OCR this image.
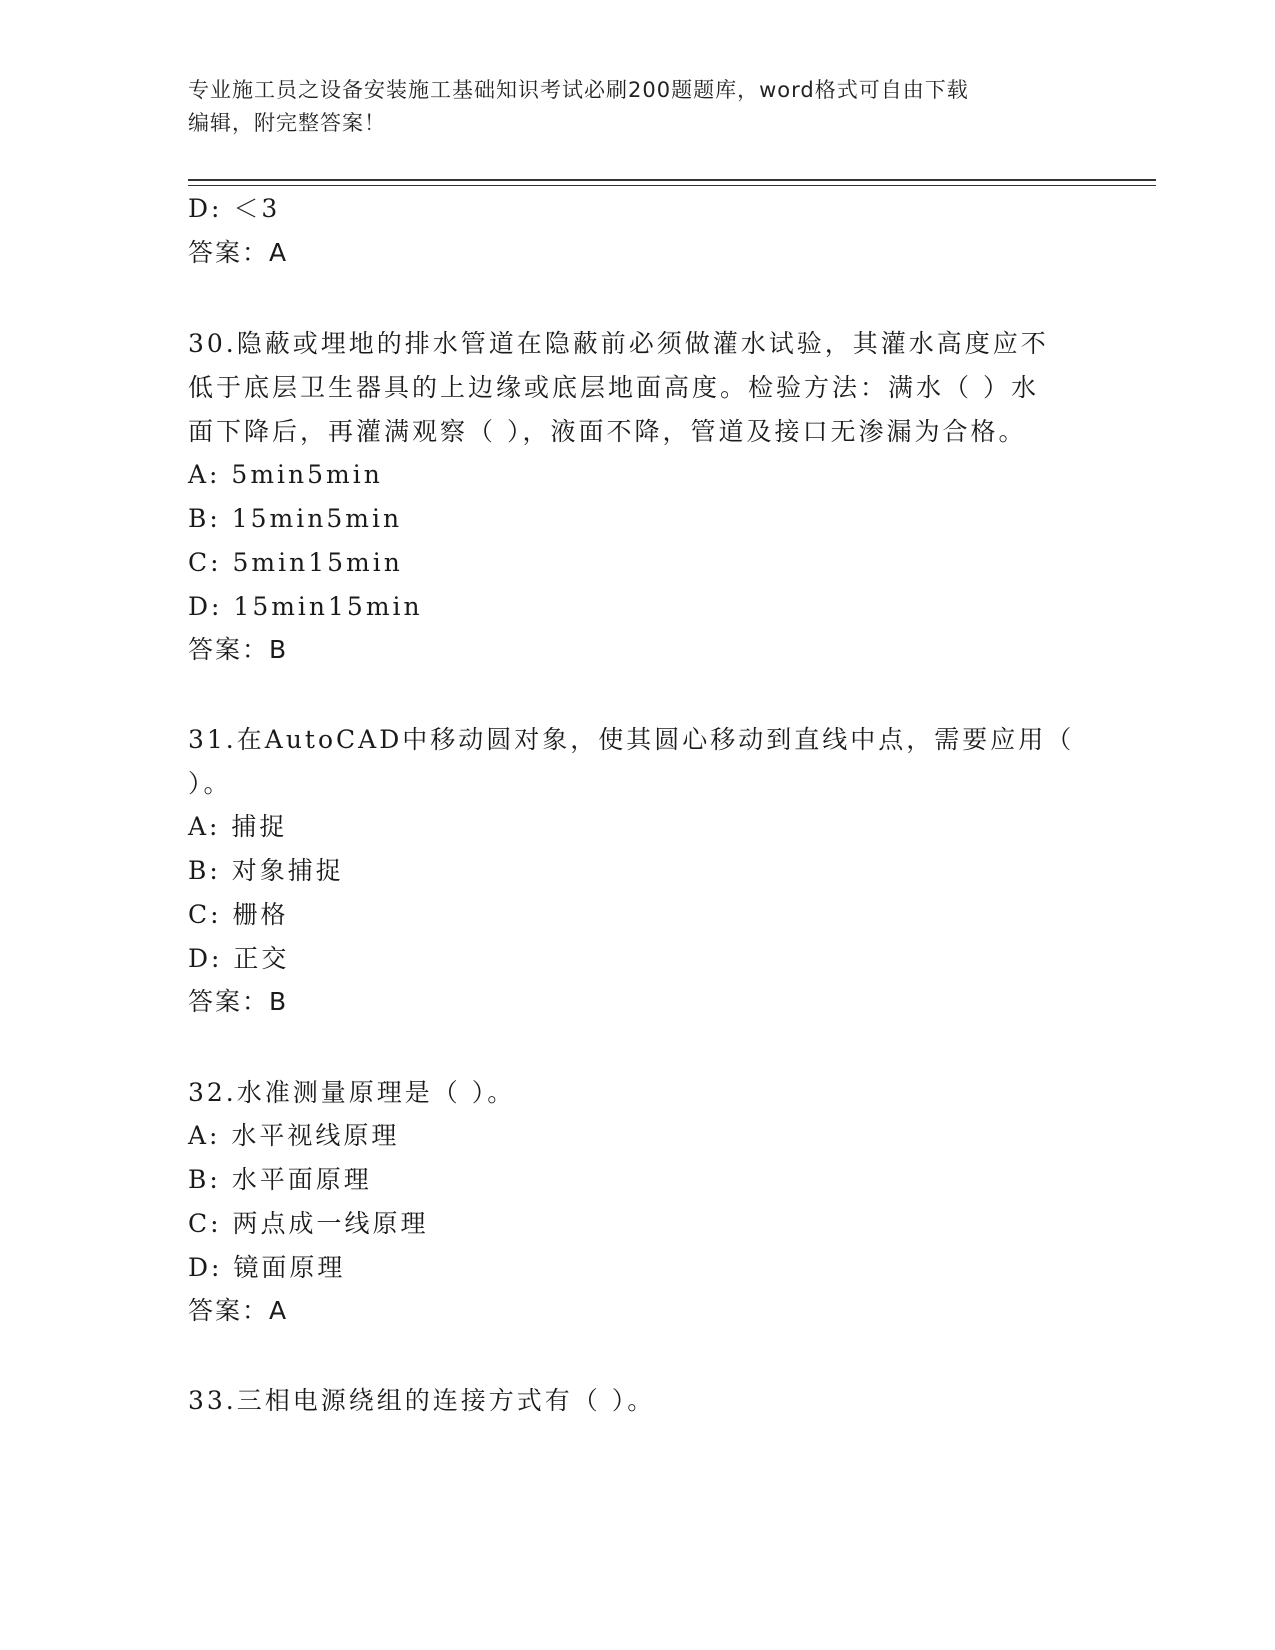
专业施工员之设备安装施工基础知识考试必刷200题题库，word格式可自由下载
编辑，附完整答案！
D: ＜3
答案：A
30.隐蔽或埋地的排水管道在隐蔽前必须做灌水试验，其灌水高度应不
低于底层卫生器具的上边缘或底层地面高度。检验方法：满水（ ）水
面下降后，再灌满观察（ ），液面不降，管道及接口无渗漏为合格。
A: 5min5min
B: 15min5min
C: 5min15min
D: 15min15min
答案：B
31.在AutoCAD中移动圆对象，使其圆心移动到直线中点，需要应用（
）。
A: 捕捉
B: 对象捕捉
C: 栅格
D: 正交
答案：B
32.水准测量原理是（ ）。
A: 水平视线原理
B: 水平面原理
C: 两点成一线原理
D: 镜面原理
答案：A
33.三相电源绕组的连接方式有（ ）。
